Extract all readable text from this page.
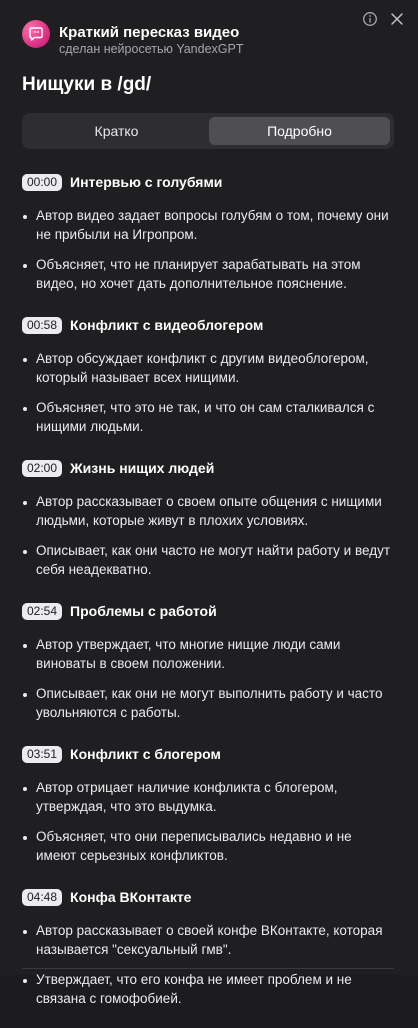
" " Краткий пересказ видео
сделан нейросетью YandexGPT
Нищуки в /gd/
Кратко	Подробно
00:00 Интервью с голубями
Автор видео задает вопросы голубям о том, почему они не прибыли на Игропром.
Объясняет, что не планирует зарабатывать на этом видео, но хочет дать дополнительное пояснение.
00:58 Конфликт с видеоблогером
Автор обсуждает конфликт с другим видеоблогером, который называет всех нищими.
Объясняет, что это не так, и что он сам сталкивался с нищими людьми.
02:00 Жизнь нищих людей
Автор рассказывает о своем опыте общения с нищими людьми, которые живут в плохих условиях.
Описывает, как они часто не могут найти работу и ведут себя неадекватно.
02:54 Проблемы с работой
Автор утверждает, что многие нищие люди сами виноваты в своем положении.
Описывает, как они не могут выполнить работу и часто увольняются с работы.
03:51 Конфликт с блогером
Автор отрицает наличие конфликта с блогером, утверждая, что это выдумка.
Объясняет, что они переписывались недавно и не имеют серьезных конфликтов.
04:48 Конфа ВКонтакте
Автор рассказывает о своей конфе ВКонтакте, которая называется "сексуальный гмв".
Утверждает, что его конфа не имеет проблем и не связана с гомофобией.
